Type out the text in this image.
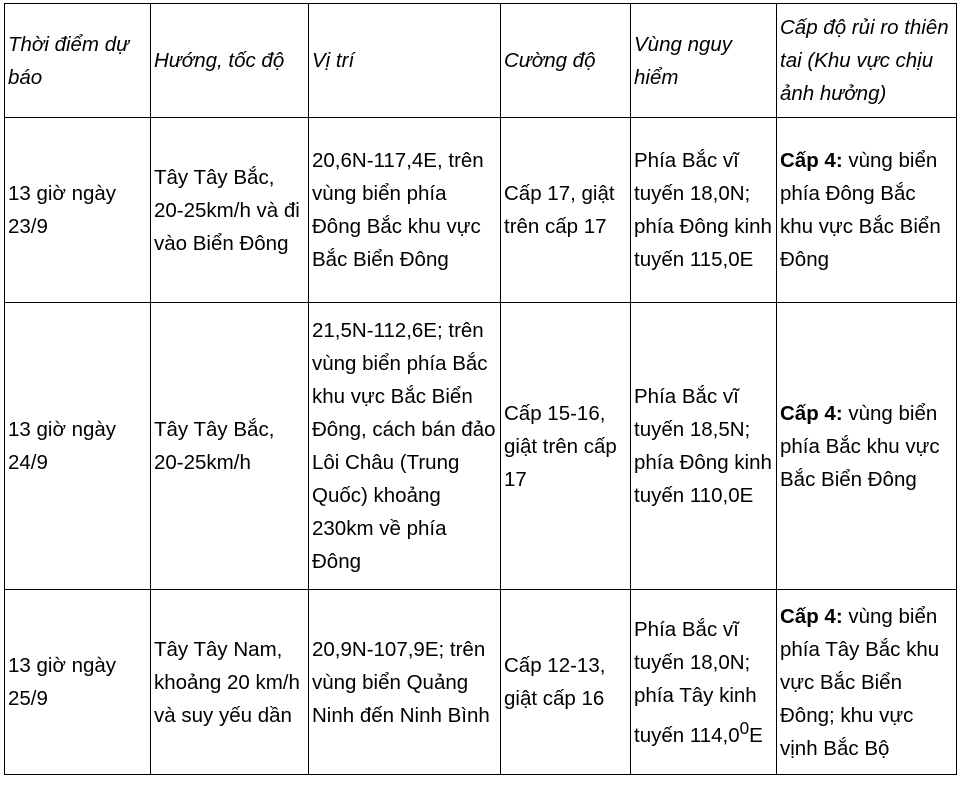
Thời điểm dự báo	Hướng, tốc độ	Vị trí	Cường độ	Vùng nguy hiểm	Cấp độ rủi ro thiên tai (Khu vực chịu ảnh hưởng)
13 giờ ngày 23/9	Tây Tây Bắc, 20-25km/h và đi vào Biển Đông	20,6N-117,4E, trên vùng biển phía Đông Bắc khu vực Bắc Biển Đông	Cấp 17, giật trên cấp 17	Phía Bắc vĩ tuyến 18,0N; phía Đông kinh tuyến 115,0E	Cấp 4: vùng biển phía Đông Bắc khu vực Bắc Biển Đông
13 giờ ngày 24/9	Tây Tây Bắc, 20-25km/h	21,5N-112,6E; trên vùng biển phía Bắc khu vực Bắc Biển Đông, cách bán đảo Lôi Châu (Trung Quốc) khoảng 230km về phía Đông	Cấp 15-16, giật trên cấp 17	Phía Bắc vĩ tuyến 18,5N; phía Đông kinh tuyến 110,0E	Cấp 4: vùng biển phía Bắc khu vực Bắc Biển Đông
13 giờ ngày 25/9	Tây Tây Nam, khoảng 20 km/h và suy yếu dần	20,9N-107,9E; trên vùng biển Quảng Ninh đến Ninh Bình	Cấp 12-13, giật cấp 16	Phía Bắc vĩ tuyến 18,0N; phía Tây kinh tuyến 114,0$^0$E	Cấp 4: vùng biển phía Tây Bắc khu vực Bắc Biển Đông; khu vực vịnh Bắc Bộ
